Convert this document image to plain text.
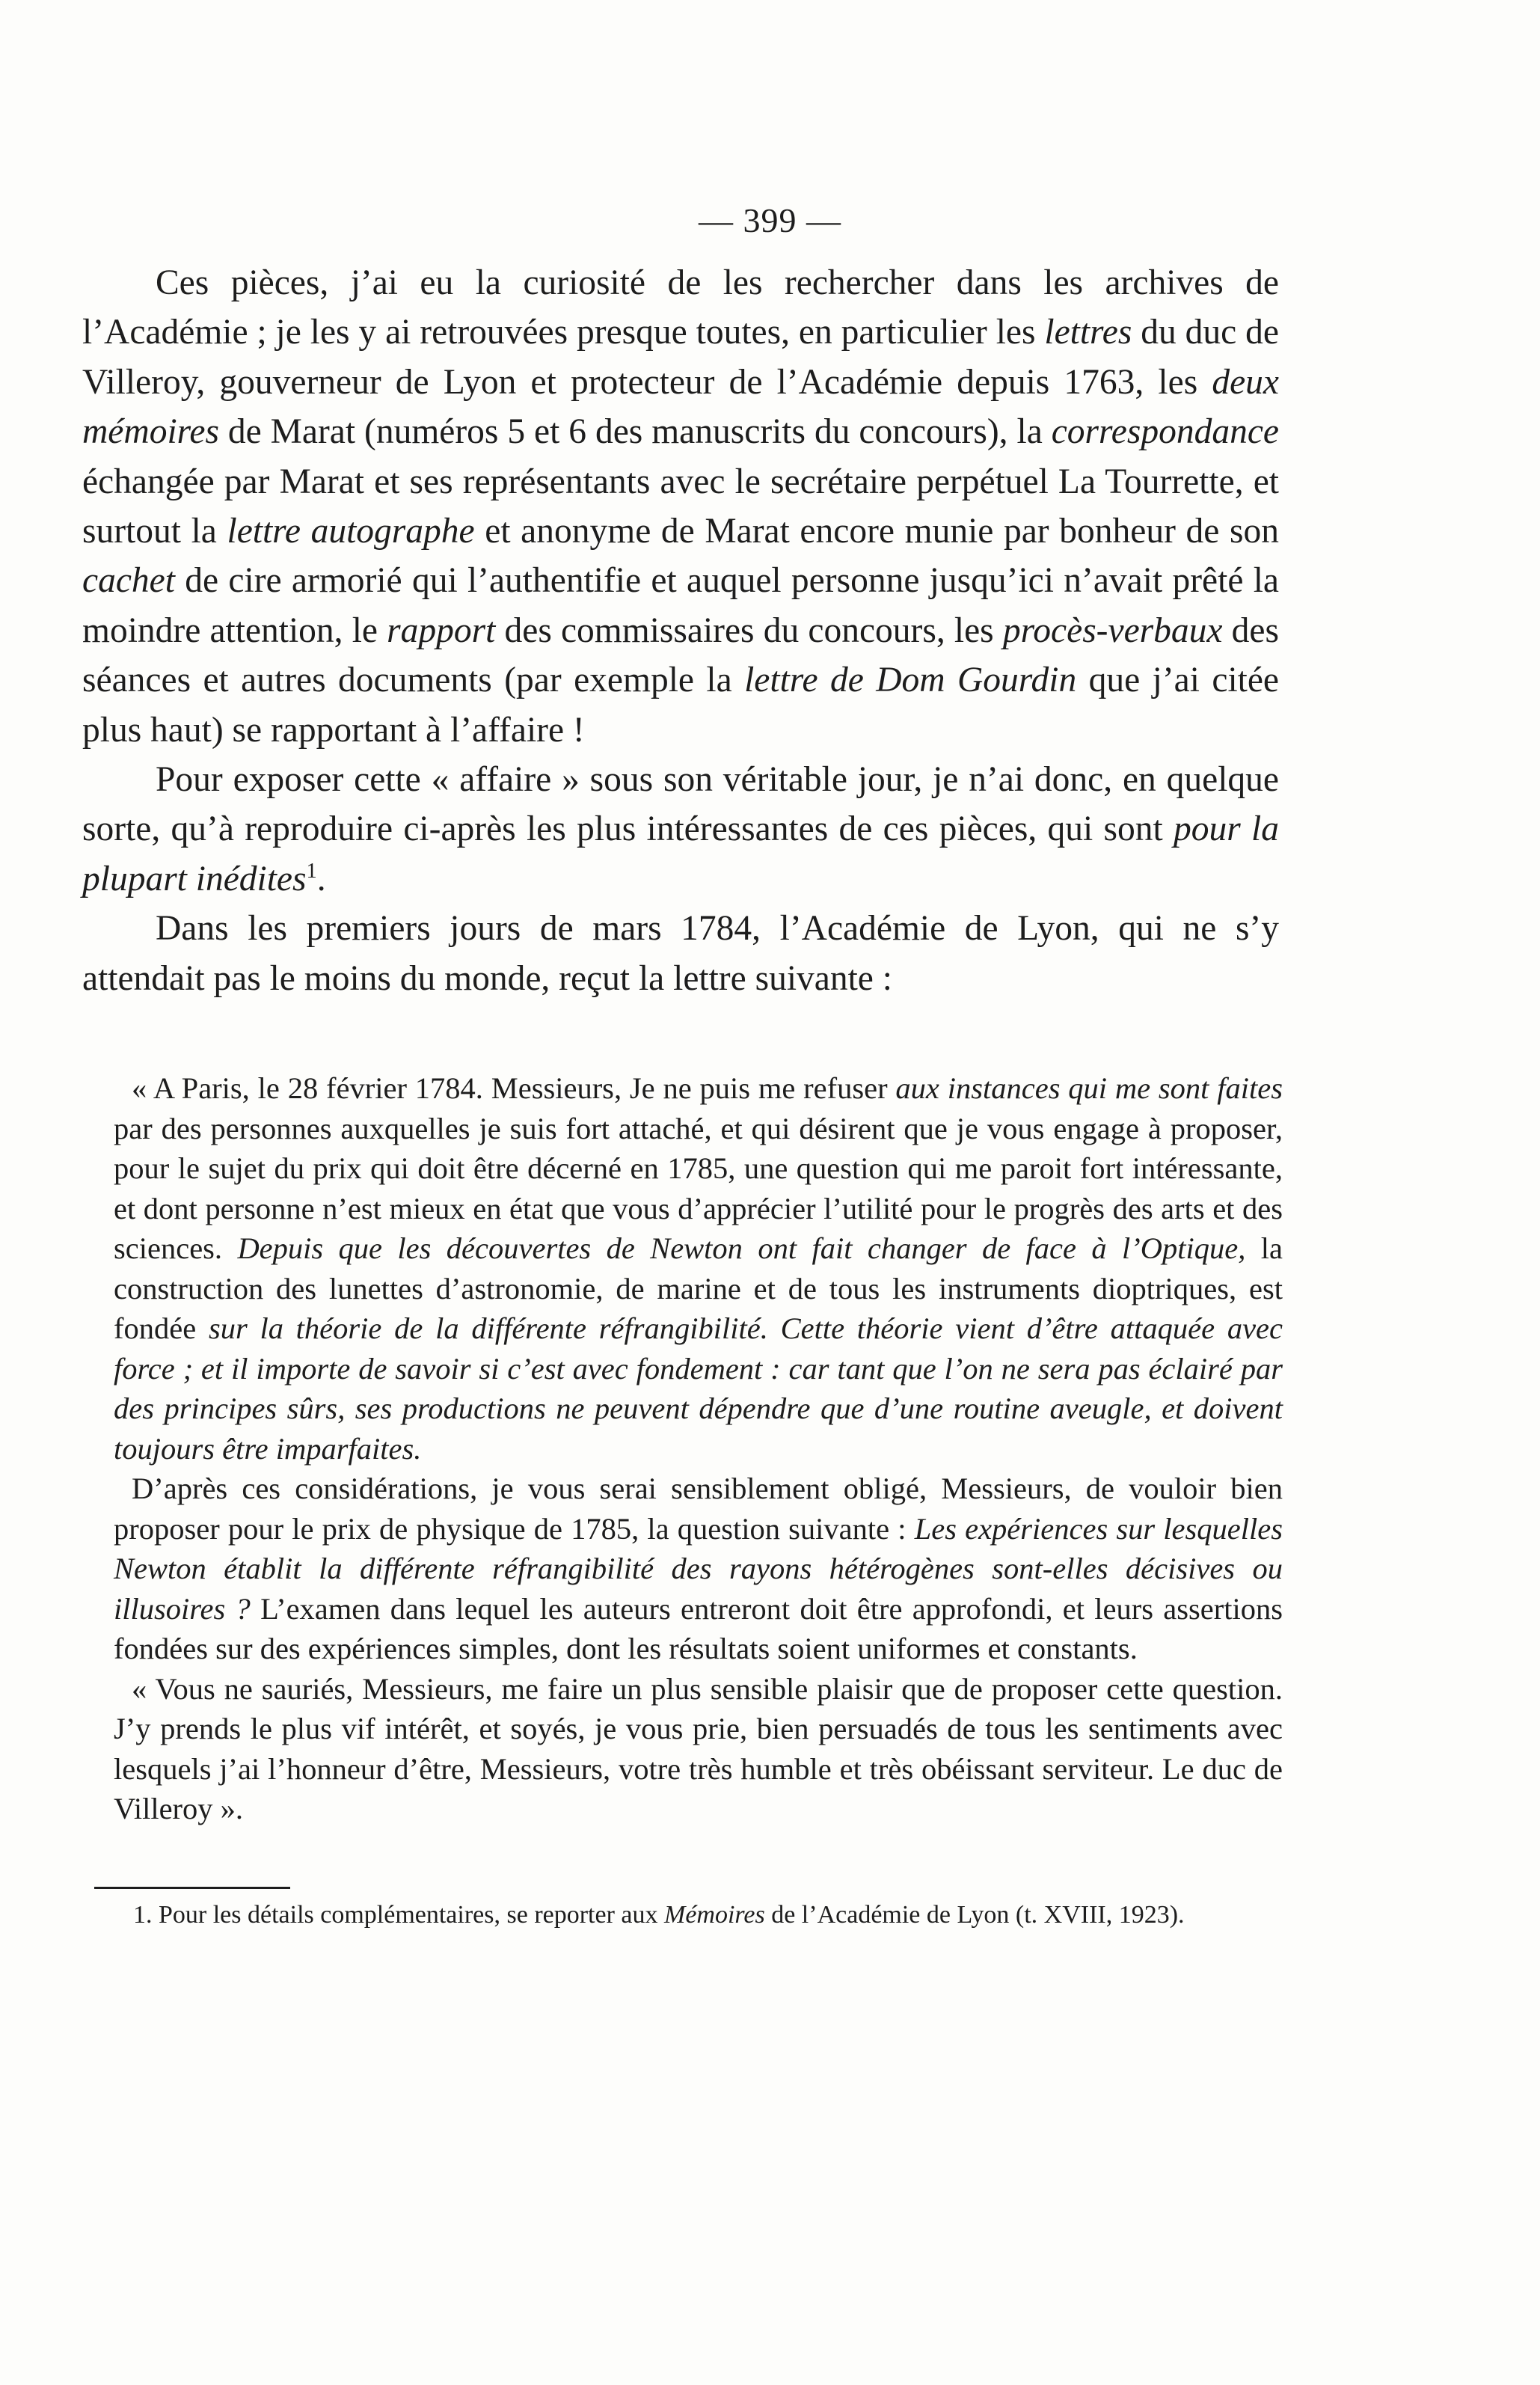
— 399 —

Ces pièces, j’ai eu la curiosité de les rechercher dans les archives de l’Académie ; je les y ai retrouvées presque toutes, en particulier les lettres du duc de Villeroy, gouverneur de Lyon et protecteur de l’Académie depuis 1763, les deux mémoires de Marat (numéros 5 et 6 des manuscrits du concours), la correspondance échangée par Marat et ses représentants avec le secrétaire perpétuel La Tourrette, et surtout la lettre autographe et anonyme de Marat encore munie par bonheur de son cachet de cire armorié qui l’authentifie et auquel personne jusqu’ici n’avait prêté la moindre attention, le rapport des commissaires du concours, les procès-verbaux des séances et autres documents (par exemple la lettre de Dom Gourdin que j’ai citée plus haut) se rapportant à l’affaire !

Pour exposer cette « affaire » sous son véritable jour, je n’ai donc, en quelque sorte, qu’à reproduire ci-après les plus intéressantes de ces pièces, qui sont pour la plupart inédites$^1$.

Dans les premiers jours de mars 1784, l’Académie de Lyon, qui ne s’y attendait pas le moins du monde, reçut la lettre suivante :

« A Paris, le 28 février 1784. Messieurs, Je ne puis me refuser aux instances qui me sont faites par des personnes auxquelles je suis fort attaché, et qui désirent que je vous engage à proposer, pour le sujet du prix qui doit être décerné en 1785, une question qui me paroit fort intéressante, et dont personne n’est mieux en état que vous d’apprécier l’utilité pour le progrès des arts et des sciences. Depuis que les découvertes de Newton ont fait changer de face à l’Optique, la construction des lunettes d’astronomie, de marine et de tous les instruments dioptriques, est fondée sur la théorie de la différente réfrangibilité. Cette théorie vient d’être attaquée avec force ; et il importe de savoir si c’est avec fondement : car tant que l’on ne sera pas éclairé par des principes sûrs, ses productions ne peuvent dépendre que d’une routine aveugle, et doivent toujours être imparfaites.

D’après ces considérations, je vous serai sensiblement obligé, Messieurs, de vouloir bien proposer pour le prix de physique de 1785, la question suivante : Les expériences sur lesquelles Newton établit la différente réfrangibilité des rayons hétérogènes sont-elles décisives ou illusoires ? L’examen dans lequel les auteurs entreront doit être approfondi, et leurs assertions fondées sur des expériences simples, dont les résultats soient uniformes et constants.

« Vous ne sauriés, Messieurs, me faire un plus sensible plaisir que de proposer cette question. J’y prends le plus vif intérêt, et soyés, je vous prie, bien persuadés de tous les sentiments avec lesquels j’ai l’honneur d’être, Messieurs, votre très humble et très obéissant serviteur. Le duc de Villeroy ».

1. Pour les détails complémentaires, se reporter aux Mémoires de l’Académie de Lyon (t. XVIII, 1923).
